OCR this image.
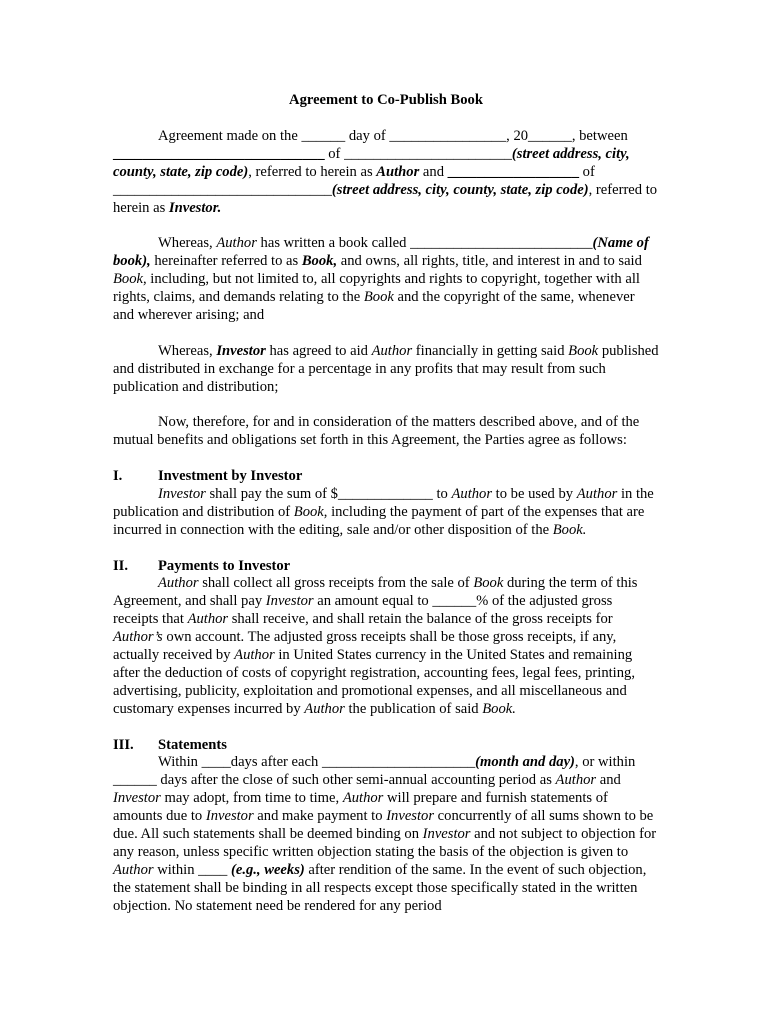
Agreement to Co-Publish Book

Agreement made on the ______ day of ________________, 20______, between _____________________________ of _______________________(street address, city, county, state, zip code), referred to herein as Author and __________________ of ______________________________(street address, city, county, state, zip code), referred to herein as Investor.

Whereas, Author has written a book called _________________________(Name of book), hereinafter referred to as Book, and owns, all rights, title, and interest in and to said Book, including, but not limited to, all copyrights and rights to copyright, together with all rights, claims, and demands relating to the Book and the copyright of the same, whenever and wherever arising; and

Whereas, Investor has agreed to aid Author financially in getting said Book published and distributed in exchange for a percentage in any profits that may result from such publication and distribution;

Now, therefore, for and in consideration of the matters described above, and of the mutual benefits and obligations set forth in this Agreement, the Parties agree as follows:

I. Investment by Investor

Investor shall pay the sum of $_____________ to Author to be used by Author in the publication and distribution of Book, including the payment of part of the expenses that are incurred in connection with the editing, sale and/or other disposition of the Book.

II. Payments to Investor

Author shall collect all gross receipts from the sale of Book during the term of this Agreement, and shall pay Investor an amount equal to ______% of the adjusted gross receipts that Author shall receive, and shall retain the balance of the gross receipts for Author’s own account. The adjusted gross receipts shall be those gross receipts, if any, actually received by Author in United States currency in the United States and remaining after the deduction of costs of copyright registration, accounting fees, legal fees, printing, advertising, publicity, exploitation and promotional expenses, and all miscellaneous and customary expenses incurred by Author the publication of said Book.

III. Statements

Within ____days after each _____________________(month and day), or within ______ days after the close of such other semi-annual accounting period as Author and Investor may adopt, from time to time, Author will prepare and furnish statements of amounts due to Investor and make payment to Investor concurrently of all sums shown to be due. All such statements shall be deemed binding on Investor and not subject to objection for any reason, unless specific written objection stating the basis of the objection is given to Author within ____ (e.g., weeks) after rendition of the same. In the event of such objection, the statement shall be binding in all respects except those specifically stated in the written objection. No statement need be rendered for any period
